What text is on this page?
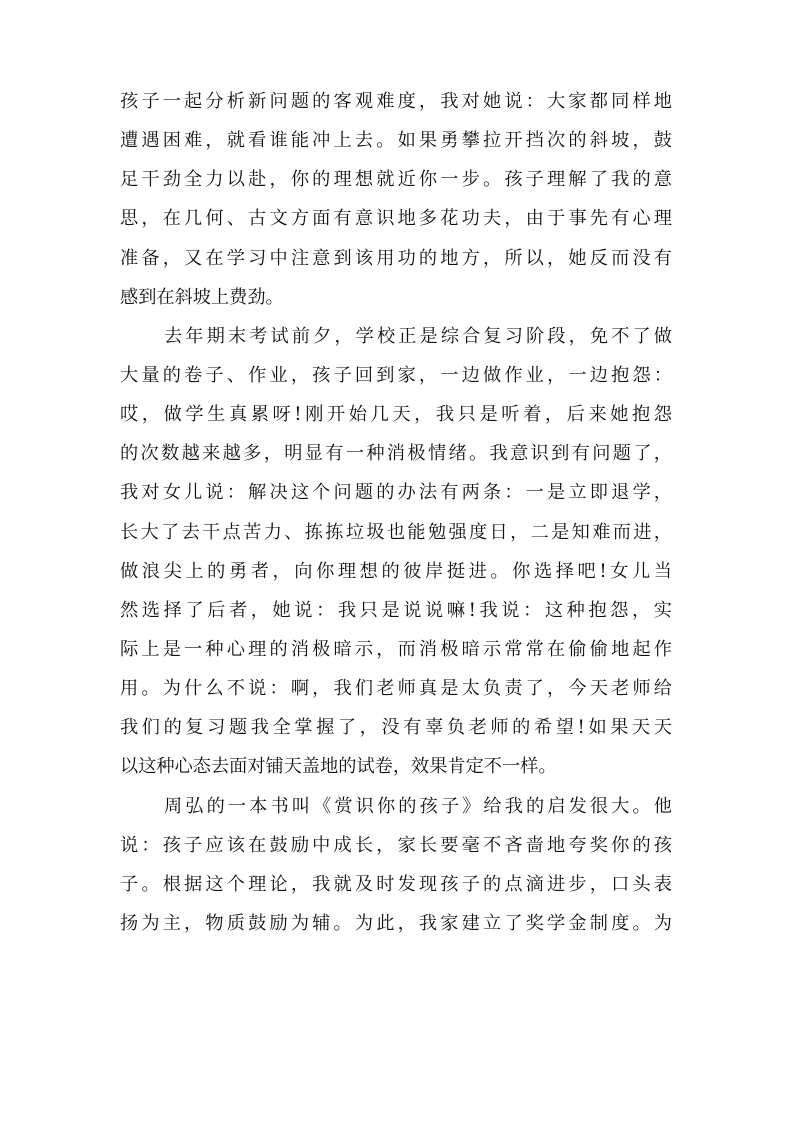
孩子一起分析新问题的客观难度，我对她说：大家都同样地
遭遇困难，就看谁能冲上去。如果勇攀拉开挡次的斜坡，鼓
足干劲全力以赴，你的理想就近你一步。孩子理解了我的意
思，在几何、古文方面有意识地多花功夫，由于事先有心理
准备，又在学习中注意到该用功的地方，所以，她反而没有
感到在斜坡上费劲。
去年期末考试前夕，学校正是综合复习阶段，免不了做
大量的卷子、作业，孩子回到家，一边做作业，一边抱怨：
哎，做学生真累呀!刚开始几天，我只是听着，后来她抱怨
的次数越来越多，明显有一种消极情绪。我意识到有问题了，
我对女儿说：解决这个问题的办法有两条：一是立即退学，
长大了去干点苦力、拣拣垃圾也能勉强度日，二是知难而进，
做浪尖上的勇者，向你理想的彼岸挺进。你选择吧!女儿当
然选择了后者，她说：我只是说说嘛!我说：这种抱怨，实
际上是一种心理的消极暗示，而消极暗示常常在偷偷地起作
用。为什么不说：啊，我们老师真是太负责了，今天老师给
我们的复习题我全掌握了，没有辜负老师的希望!如果天天
以这种心态去面对铺天盖地的试卷，效果肯定不一样。
周弘的一本书叫《赏识你的孩子》给我的启发很大。他
说：孩子应该在鼓励中成长，家长要毫不吝啬地夸奖你的孩
子。根据这个理论，我就及时发现孩子的点滴进步，口头表
扬为主，物质鼓励为辅。为此，我家建立了奖学金制度。为
